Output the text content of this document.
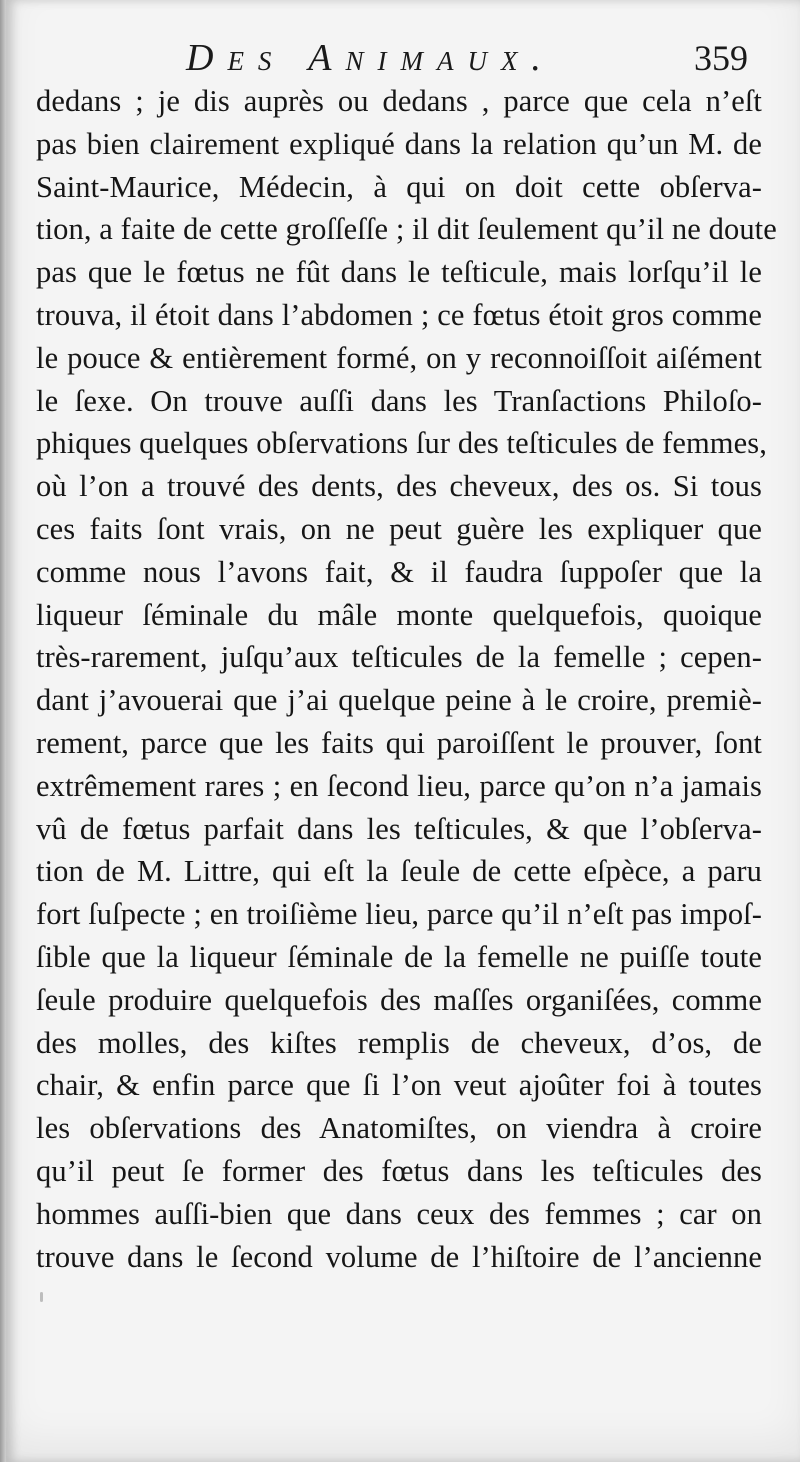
Des Animaux.	359
dedans ; je dis auprès ou dedans , parce que cela n’eſt
pas bien clairement expliqué dans la relation qu’un M. de
Saint-Maurice, Médecin, à qui on doit cette obſerva-
tion, a faite de cette groſſeſſe ; il dit ſeulement qu’il ne doute
pas que le fœtus ne fût dans le teſticule, mais lorſqu’il le
trouva, il étoit dans l’abdomen ; ce fœtus étoit gros comme
le pouce & entièrement formé, on y reconnoiſſoit aiſément
le ſexe. On trouve auſſi dans les Tranſactions Philoſo-
phiques quelques obſervations ſur des teſticules de femmes,
où l’on a trouvé des dents, des cheveux, des os. Si tous
ces faits ſont vrais, on ne peut guère les expliquer que
comme nous l’avons fait, & il faudra ſuppoſer que la
liqueur ſéminale du mâle monte quelquefois, quoique
très-rarement, juſqu’aux teſticules de la femelle ; cepen-
dant j’avouerai que j’ai quelque peine à le croire, premiè-
rement, parce que les faits qui paroiſſent le prouver, ſont
extrêmement rares ; en ſecond lieu, parce qu’on n’a jamais
vû de fœtus parfait dans les teſticules, & que l’obſerva-
tion de M. Littre, qui eſt la ſeule de cette eſpèce, a paru
fort ſuſpecte ; en troiſième lieu, parce qu’il n’eſt pas impoſ-
ſible que la liqueur ſéminale de la femelle ne puiſſe toute
ſeule produire quelquefois des maſſes organiſées, comme
des molles, des kiſtes remplis de cheveux, d’os, de
chair, & enfin parce que ſi l’on veut ajoûter foi à toutes
les obſervations des Anatomiſtes, on viendra à croire
qu’il peut ſe former des fœtus dans les teſticules des
hommes auſſi-bien que dans ceux des femmes ; car on
trouve dans le ſecond volume de l’hiſtoire de l’ancienne
